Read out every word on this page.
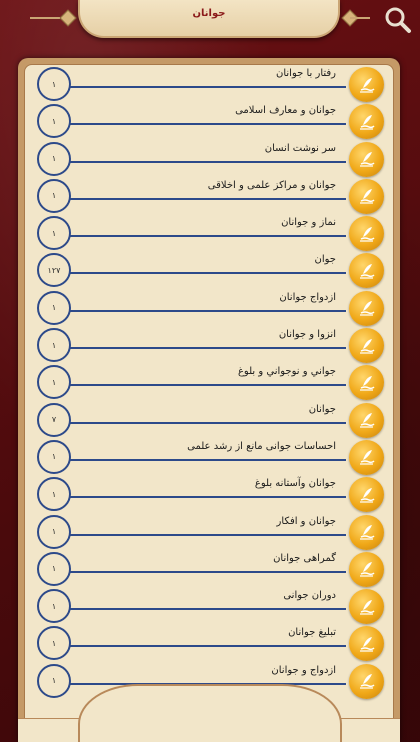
جوانان
۱
رفتار با جوانان
۱
جوانان و معارف اسلامی
۱
سر نوشت انسان
۱
جوانان و مراکز علمی و اخلاقی
۱
نماز و جوانان
۱۲۷
جوان
۱
ازدواج جوانان
۱
انزوا و جوانان
۱
جواني و نوجواني و بلوغ
۷
جوانان
۱
احساسات جوانی مانع از رشد علمی
۱
جوانان وآستانه بلوغ
۱
جوانان و افکار
۱
گمراهی جوانان
۱
دوران جوانی
۱
تبلیغ جوانان
۱
ازدواج و جوانان
